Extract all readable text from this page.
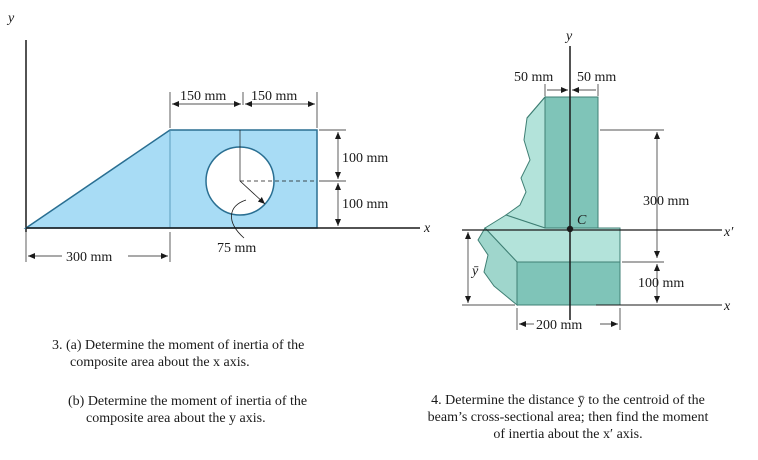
y
x
150 mm 150 mm
100 mm
100 mm
300 mm
75 mm
y
x′
x
C
50 mm 50 mm
300 mm
100 mm
ȳ
200 mm
3. (a) Determine the moment of inertia of the
composite area about the x axis.
(b) Determine the moment of inertia of the
composite area about the y axis.
4. Determine the distance ȳ to the centroid of the
beam’s cross-sectional area; then find the moment
of inertia about the x′ axis.
